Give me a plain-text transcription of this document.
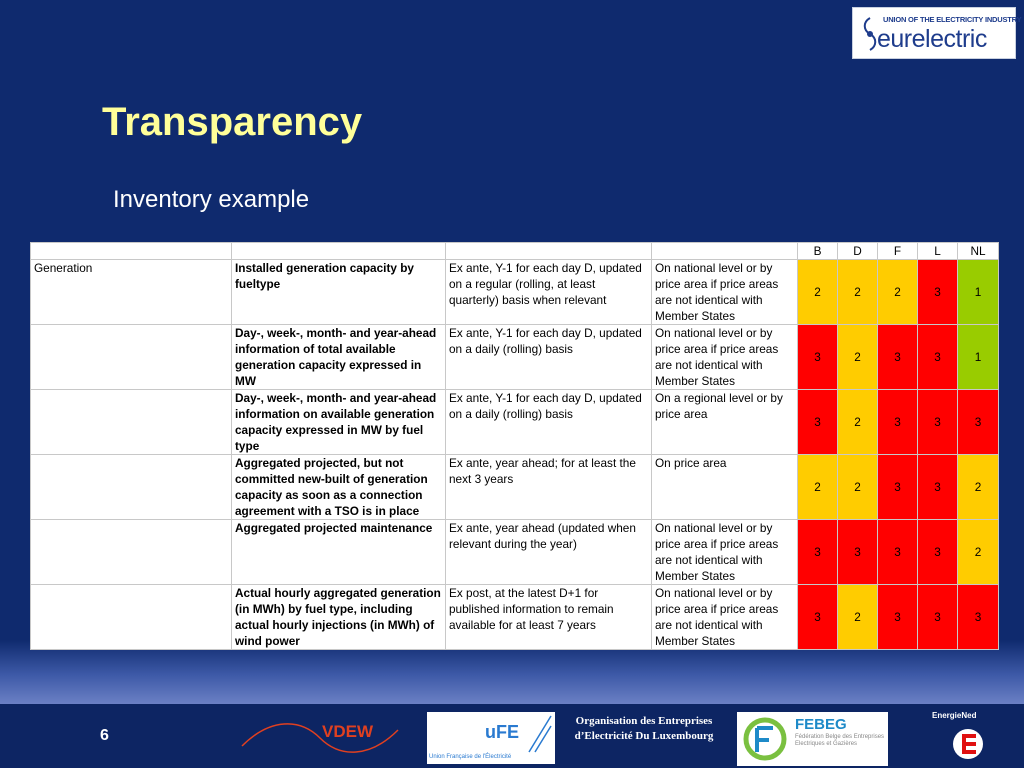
UNION OF THE ELECTRICITY INDUSTRY
eurelectric
Transparency
Inventory example
				B	D	F	L	NL
Generation	Installed generation capacity by fueltype	Ex ante, Y-1 for each day D, updated on a regular (rolling, at least quarterly) basis when relevant	On national level or by price area if price areas are not identical with Member States	2	2	2	3	1
	Day-, week-, month- and year-ahead information of total available generation capacity expressed in MW	Ex ante, Y-1 for each day D, updated on a daily (rolling) basis	On national level or by price area if price areas are not identical with Member States	3	2	3	3	1
	Day-, week-, month- and year-ahead information on available generation capacity expressed in MW by fuel type	Ex ante, Y-1 for each day D, updated on a daily (rolling) basis	On a regional level or by price area	3	2	3	3	3
	Aggregated projected, but not committed new-built of generation capacity as soon as a connection agreement with a TSO is in place	Ex ante, year ahead; for at least the next 3 years	On price area	2	2	3	3	2
	Aggregated projected maintenance	Ex ante, year ahead (updated when relevant during the year)	On national level or by price area if price areas are not identical with Member States	3	3	3	3	2
	Actual hourly aggregated generation (in MWh) by fuel type, including actual hourly injections (in MWh) of wind power	Ex post, at the latest D+1 for published information to remain available for at least 7 years	On national level or by price area if price areas are not identical with Member States	3	2	3	3	3
6	VDEW	uFE
Union Française de l'Électricité
Organisation des Entreprises d’Electricité Du Luxembourg
FEBEG
Fédération Belge des Entreprises Electriques et Gazières
EnergieNed
